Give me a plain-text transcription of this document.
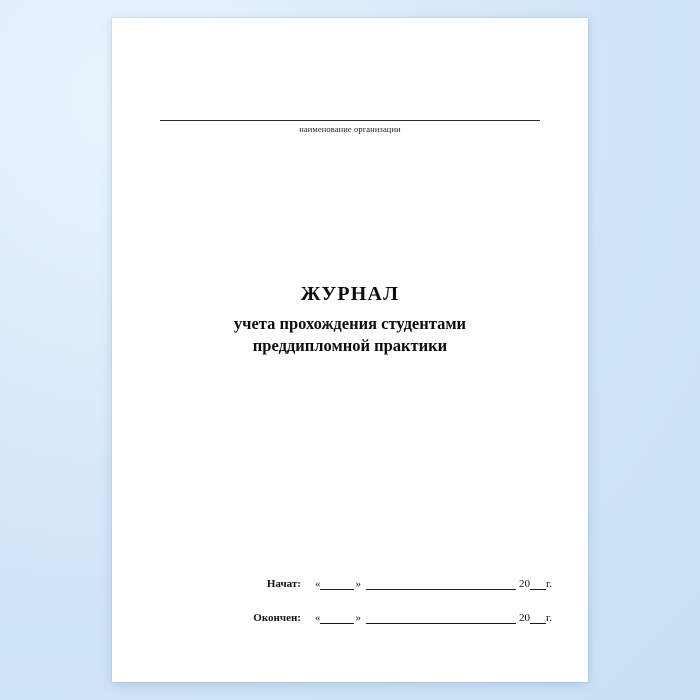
наименование организации
ЖУРНАЛ
учета прохождения студентами
преддипломной практики
Начат:	«	»	20 г.
Окончен:	«	»	20 г.
